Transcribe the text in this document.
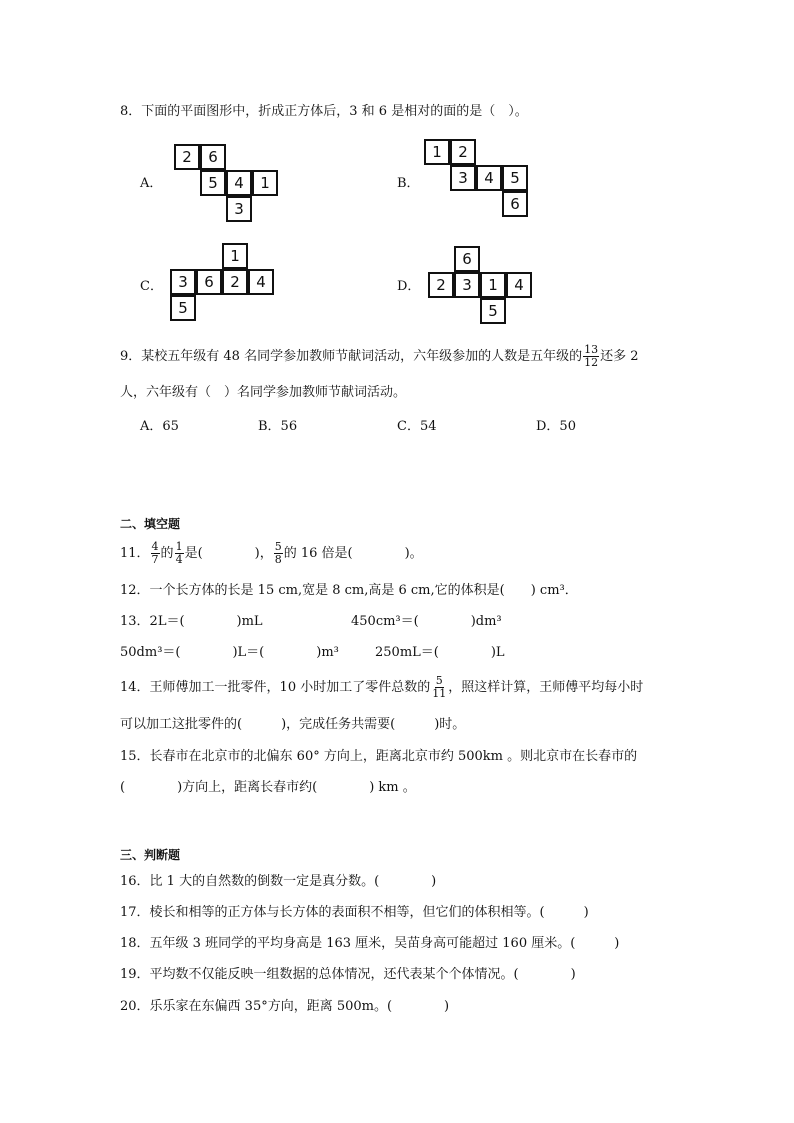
8．下面的平面图形中，折成正方体后，3 和 6 是相对的面的是（　）。
A．
2	6
5	4	1
3
B．
1	2
3	4	5
6
C．
1
3	6	2	4
5
D．
6
2	3	1	4
5
9．某校五年级有 48 名同学参加教师节献词活动，六年级参加的人数是五年级的 $\frac{13}{12}$ 还多 2
人，六年级有（　）名同学参加教师节献词活动。
A．65	B．56	C．54	D．50
二、填空题
11． $\frac{4}{7}$ 的 $\frac{1}{4}$ 是(　　　　)， $\frac{5}{8}$ 的 16 倍是(　　　　)。
12．一个长方体的长是 15 cm,宽是 8 cm,高是 6 cm,它的体积是(　　) cm³．
13．2L＝(　　　　)mL	450cm³＝(　　　　)dm³
50dm³＝(　　　　)L＝(　　　　)m³	250mL＝(　　　　)L
14．王师傅加工一批零件，10 小时加工了零件总数的 $\frac{5}{11}$ ，照这样计算，王师傅平均每小时
可以加工这批零件的(　　　)，完成任务共需要(　　　)时。
15．长春市在北京市的北偏东 60° 方向上，距离北京市约 500km 。则北京市在长春市的
(　　　　)方向上，距离长春市约(　　　　) km 。
三、判断题
16．比 1 大的自然数的倒数一定是真分数。(　　　　)
17．棱长和相等的正方体与长方体的表面积不相等，但它们的体积相等。(　　　)
18．五年级 3 班同学的平均身高是 163 厘米，吴苗身高可能超过 160 厘米。(　　　)
19．平均数不仅能反映一组数据的总体情况，还代表某个个体情况。(　　　　)
20．乐乐家在东偏西 35°方向，距离 500m。(　　　　)
